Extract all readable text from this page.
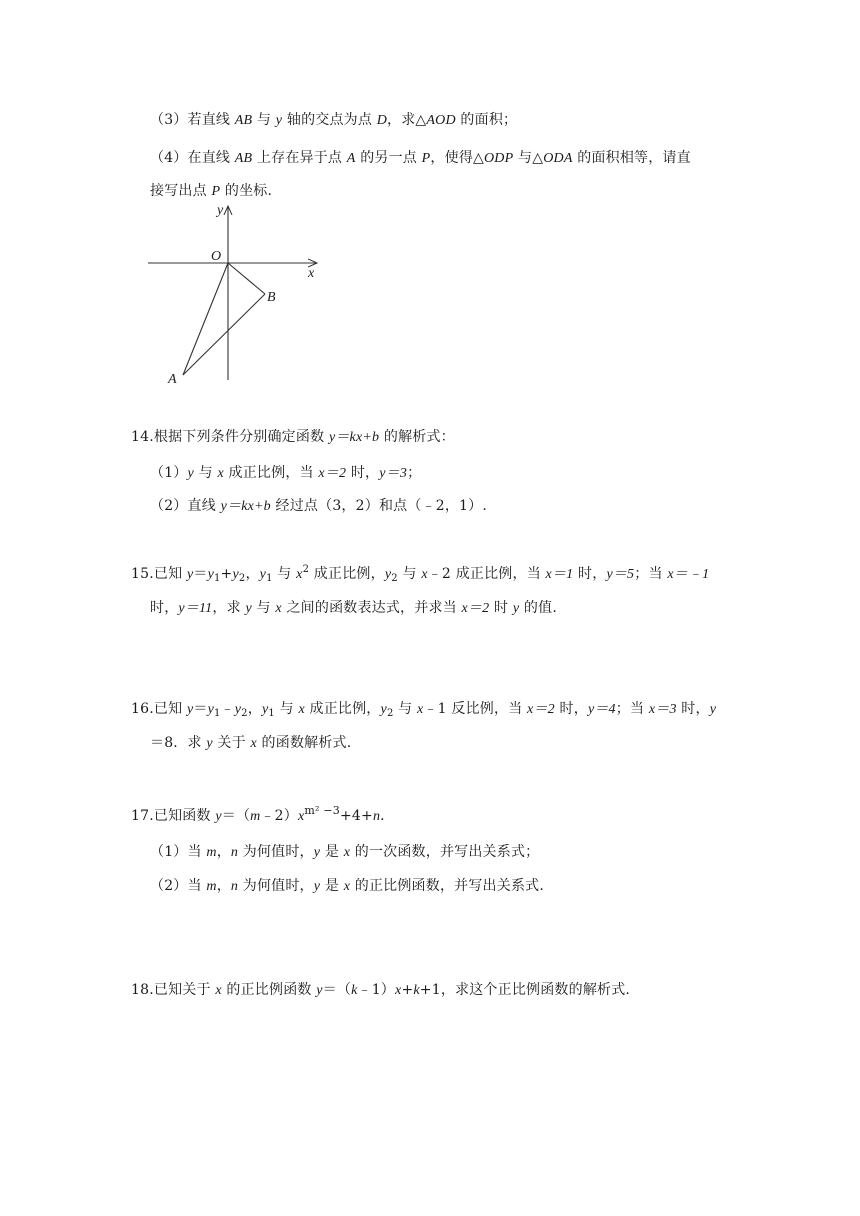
（3）若直线 AB 与 y 轴的交点为点 D，求△AOD 的面积；
（4）在直线 AB 上存在异于点 A 的另一点 P，使得△ODP 与△ODA 的面积相等，请直
接写出点 P 的坐标.
y
O
x
B
A
14.根据下列条件分别确定函数 y＝kx+b 的解析式：
（1）y 与 x 成正比例，当 x＝2 时，y＝3；
（2）直线 y＝kx+b 经过点（3，2）和点（﹣2，1）.
15.已知 $y=y_1+y_2$，$y_1$ 与 $x^2$ 成正比例，$y_2$ 与 x﹣2 成正比例，当 x＝1 时，y＝5；当 x＝﹣1
时，y＝11，求 y 与 x 之间的函数表达式，并求当 x＝2 时 y 的值.
16.已知 $y=y_1﹣y_2$，$y_1$ 与 x 成正比例，$y_2$ 与 x﹣1 反比例，当 x＝2 时，y＝4；当 x＝3 时，y
＝8．求 y 关于 x 的函数解析式.
17.已知函数 $y=(m﹣2)x^{m^2 -3}+4+n$.
（1）当 m，n 为何值时，y 是 x 的一次函数，并写出关系式；
（2）当 m，n 为何值时，y 是 x 的正比例函数，并写出关系式.
18.已知关于 x 的正比例函数 y＝（k﹣1）x+k+1，求这个正比例函数的解析式.
